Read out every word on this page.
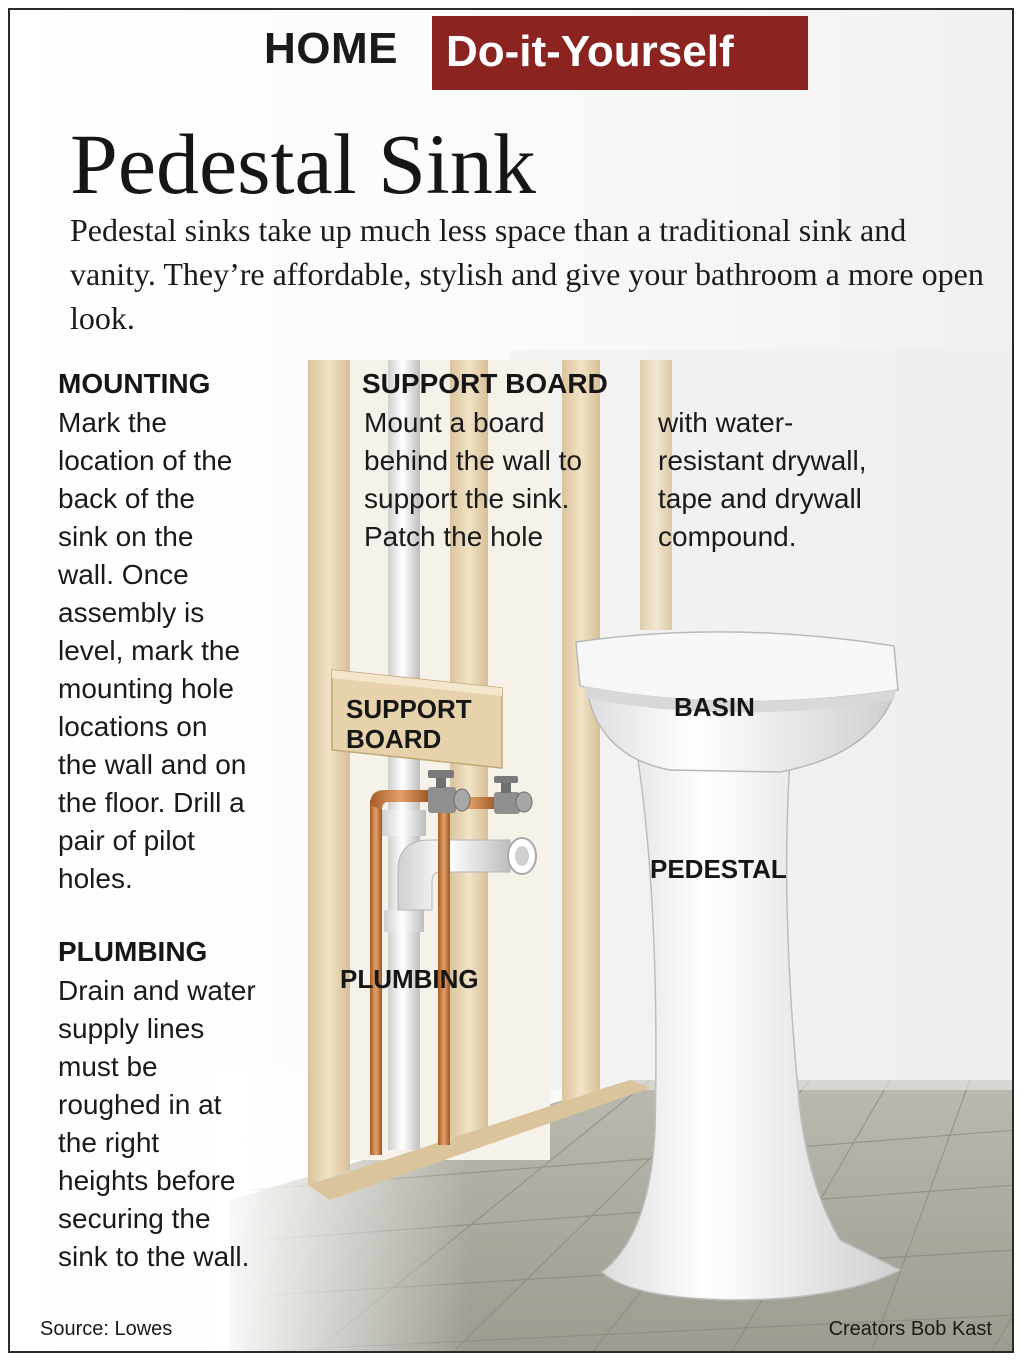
HOME	Do-it-Yourself
Pedestal Sink
Pedestal sinks take up much less space than a traditional sink and vanity. They’re affordable, stylish and give your bathroom a more open look.
MOUNTING
Mark the
location of the
back of the
sink on the
wall. Once
assembly is
level, mark the
mounting hole
locations on
the wall and on
the floor. Drill a
pair of pilot
holes.
PLUMBING
Drain and water
supply lines
must be
roughed in at
the right
heights before
securing the
sink to the wall.
SUPPORT BOARD
Mount a board
behind the wall to
support the sink.
Patch the hole
with water-
resistant drywall,
tape and drywall
compound.
SUPPORT
BOARD
BASIN
PEDESTAL
PLUMBING
Source: Lowes	Creators Bob Kast
